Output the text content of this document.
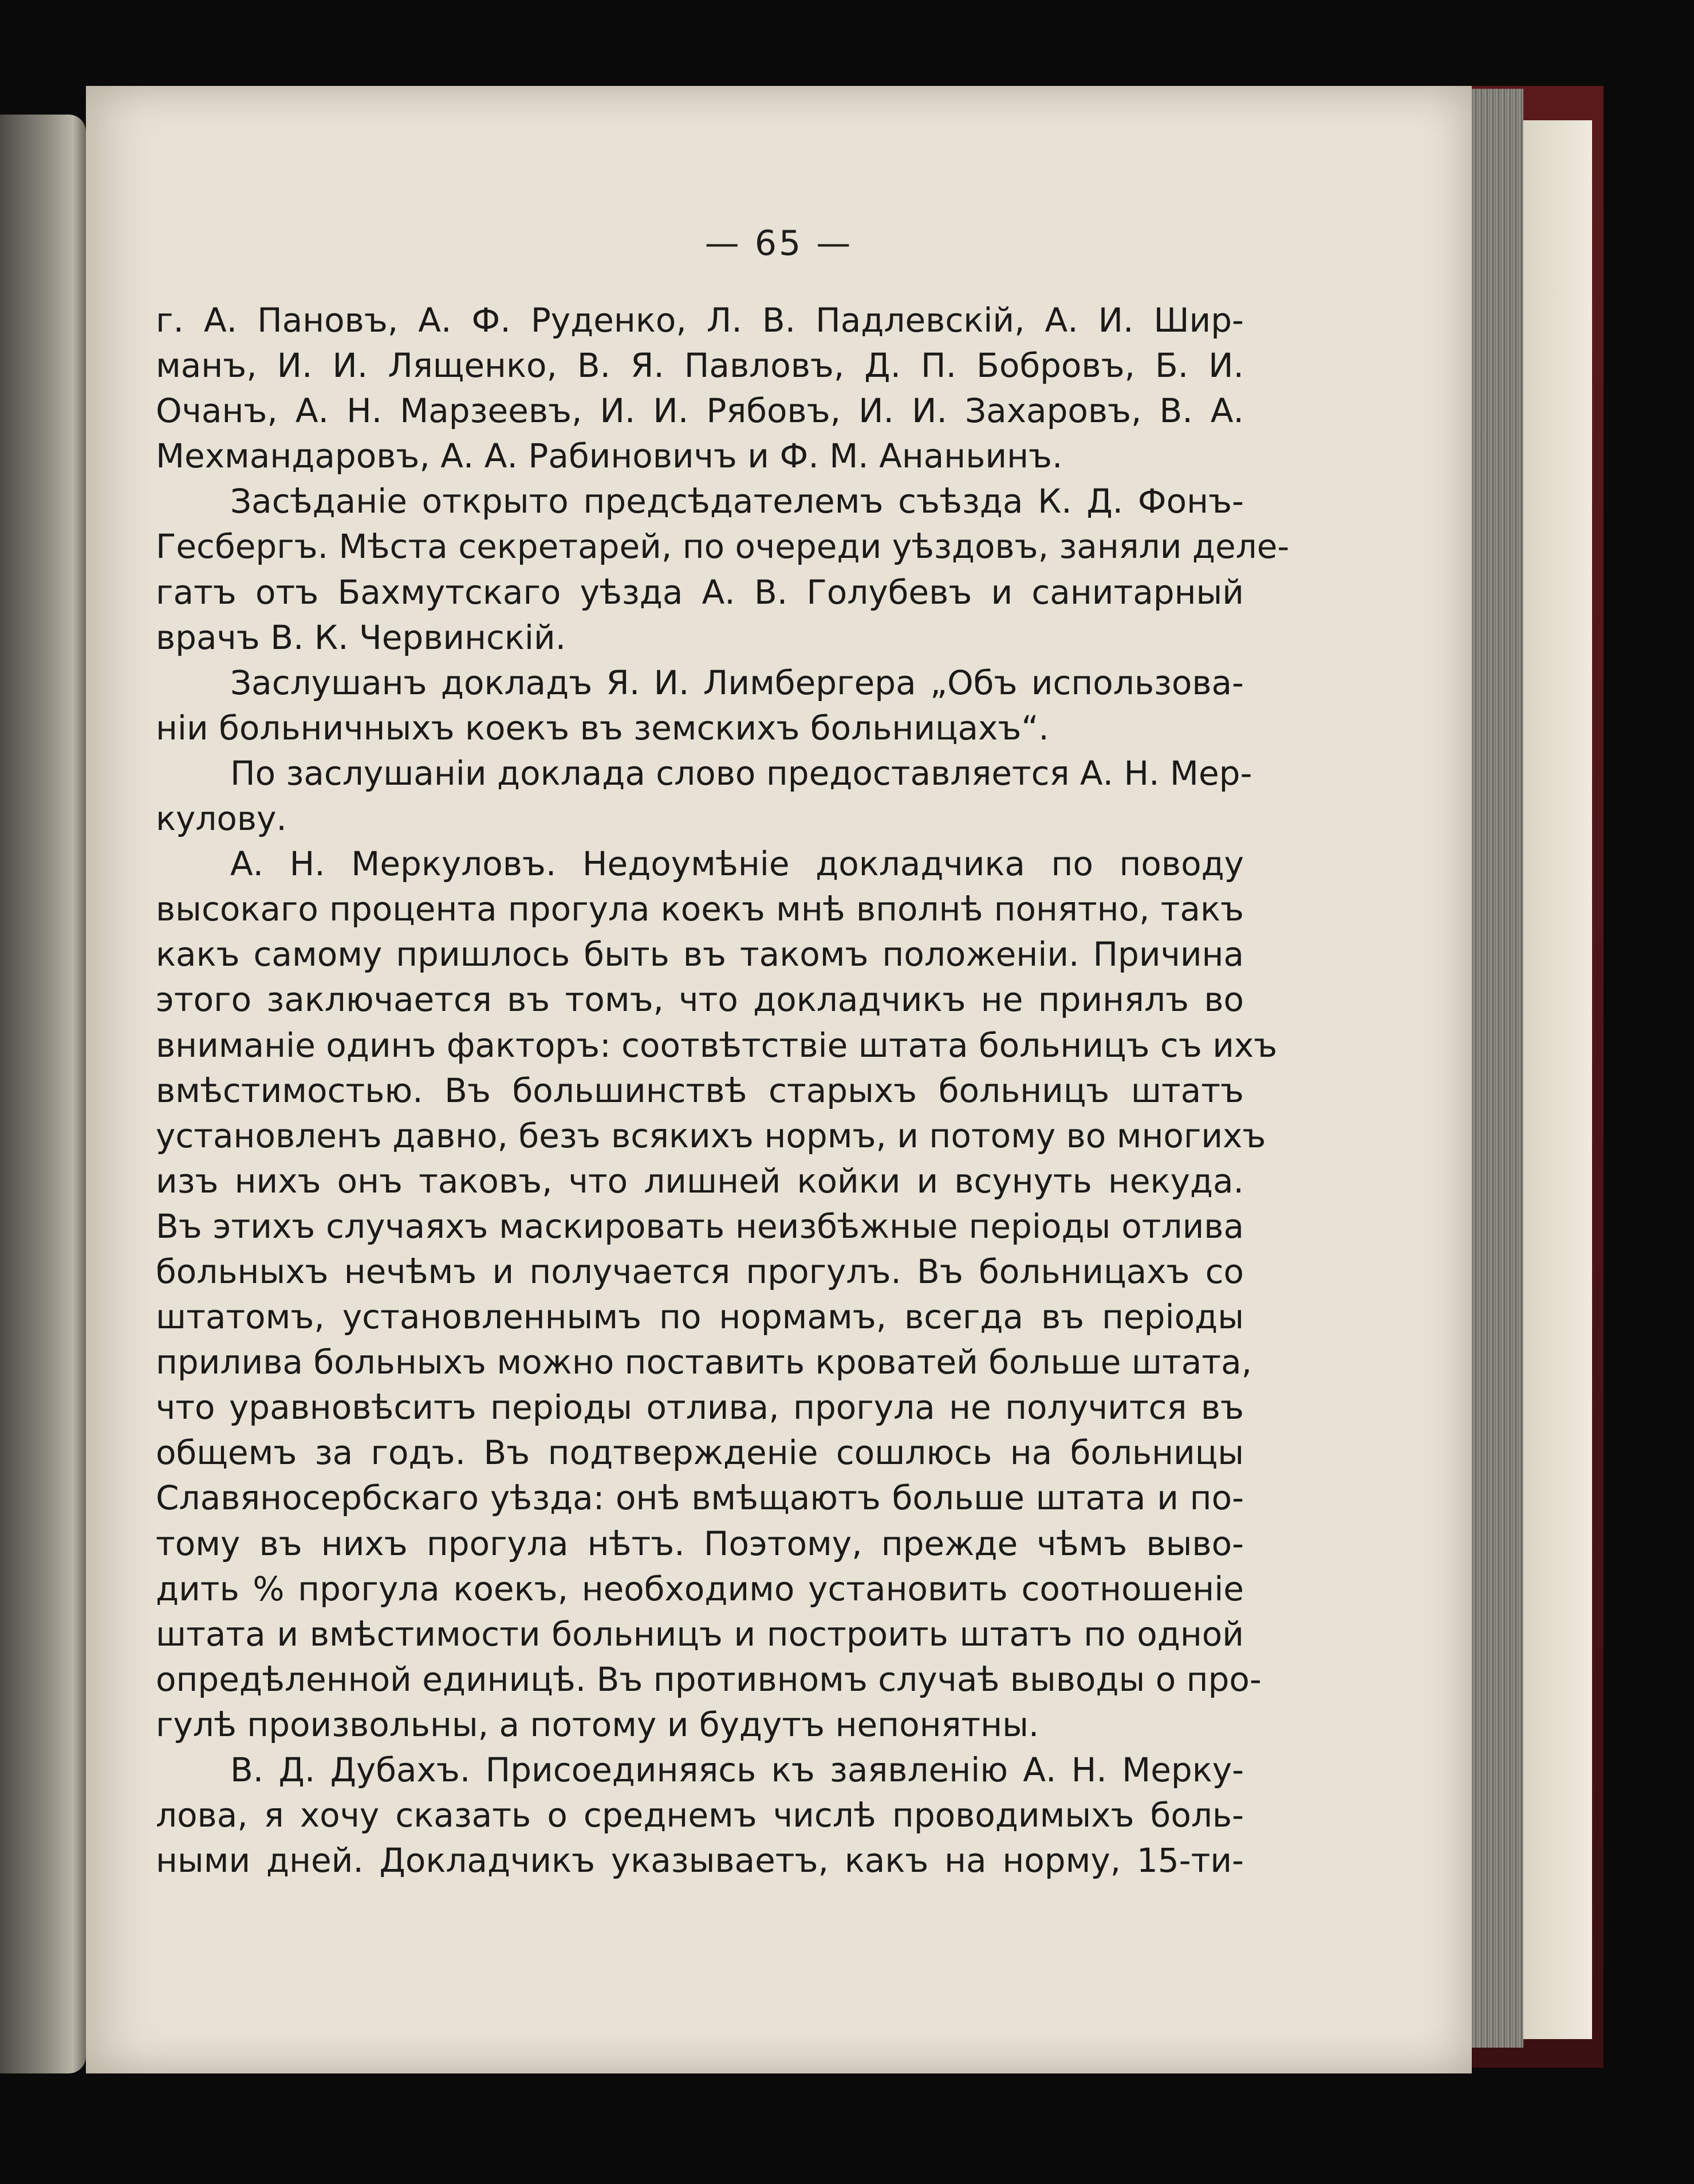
— 65 —
г. А. Пановъ, А. Ф. Руденко, Л. В. Падлевскій, А. И. Шир-
манъ, И. И. Лященко, В. Я. Павловъ, Д. П. Бобровъ, Б. И.
Очанъ, А. Н. Марзеевъ, И. И. Рябовъ, И. И. Захаровъ, В. А.
Мехмандаровъ, А. А. Рабиновичъ и Ф. М. Ананьинъ.
Засѣданіе открыто предсѣдателемъ съѣзда К. Д. Фонъ-
Гесбергъ. Мѣста секретарей, по очереди уѣздовъ, заняли деле-
гатъ отъ Бахмутскаго уѣзда А. В. Голубевъ и санитарный
врачъ В. К. Червинскій.
Заслушанъ докладъ Я. И. Лимбергера „Объ использова-
ніи больничныхъ коекъ въ земскихъ больницахъ“.
По заслушаніи доклада слово предоставляется А. Н. Мер-
кулову.
А. Н. Меркуловъ. Недоумѣніе докладчика по поводу
высокаго процента прогула коекъ мнѣ вполнѣ понятно, такъ
какъ самому пришлось быть въ такомъ положеніи. Причина
этого заключается въ томъ, что докладчикъ не принялъ во
вниманіе одинъ факторъ: соотвѣтствіе штата больницъ съ ихъ
вмѣстимостью. Въ большинствѣ старыхъ больницъ штатъ
установленъ давно, безъ всякихъ нормъ, и потому во многихъ
изъ нихъ онъ таковъ, что лишней койки и всунуть некуда.
Въ этихъ случаяхъ маскировать неизбѣжные періоды отлива
больныхъ нечѣмъ и получается прогулъ. Въ больницахъ со
штатомъ, установленнымъ по нормамъ, всегда въ періоды
прилива больныхъ можно поставить кроватей больше штата,
что уравновѣситъ періоды отлива, прогула не получится въ
общемъ за годъ. Въ подтвержденіе сошлюсь на больницы
Славяносербскаго уѣзда: онѣ вмѣщаютъ больше штата и по-
тому въ нихъ прогула нѣтъ. Поэтому, прежде чѣмъ выво-
дить % прогула коекъ, необходимо установить соотношеніе
штата и вмѣстимости больницъ и построить штатъ по одной
опредѣленной единицѣ. Въ противномъ случаѣ выводы о про-
гулѣ произвольны, а потому и будутъ непонятны.
В. Д. Дубахъ. Присоединяясь къ заявленію А. Н. Мерку-
лова, я хочу сказать о среднемъ числѣ проводимыхъ боль-
ными дней. Докладчикъ указываетъ, какъ на норму, 15-ти-
